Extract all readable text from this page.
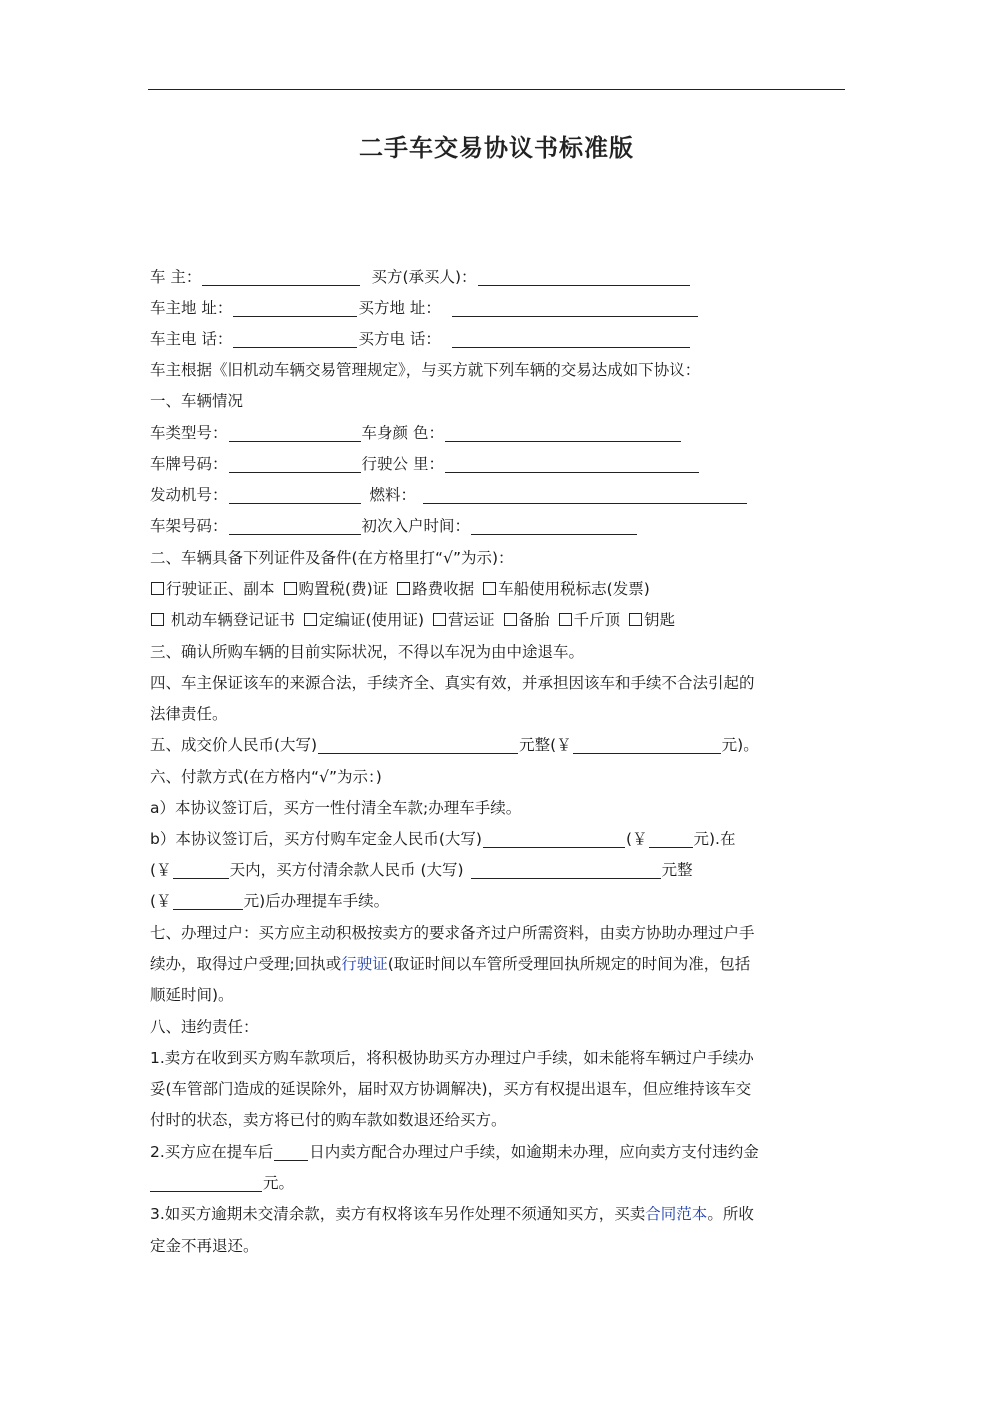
二手车交易协议书标准版
车 主：	买方(承买人)：
车主地 址：	买方地 址：
车主电 话：	买方电 话：
车主根据《旧机动车辆交易管理规定》，与买方就下列车辆的交易达成如下协议：
一、车辆情况
车类型号：	车身颜 色：
车牌号码：	行驶公 里：
发动机号：	燃料：
车架号码：	初次入户时间：
二、车辆具备下列证件及备件(在方格里打“√”为示)：
行驶证正、副本 购置税(费)证 路费收据 车船使用税标志(发票)
机动车辆登记证书 定编证(使用证) 营运证 备胎 千斤顶 钥匙
三、确认所购车辆的目前实际状况，不得以车况为由中途退车。
四、车主保证该车的来源合法，手续齐全、真实有效，并承担因该车和手续不合法引起的
法律责任。
五、成交价人民币(大写)	元整(￥	元)。
六、付款方式(在方格内“√”为示：)
a）本协议签订后，买方一性付清全车款;办理车手续。
b）本协议签订后，买方付购车定金人民币(大写)	(￥	元).在
(￥	天内，买方付清余款人民币 (大写)	元整
(￥	元)后办理提车手续。
七、办理过户：买方应主动积极按卖方的要求备齐过户所需资料，由卖方协助办理过户手
续办，取得过户受理;回执或行驶证(取证时间以车管所受理回执所规定的时间为准，包括
顺延时间)。
八、违约责任：
1.卖方在收到买方购车款项后，将积极协助买方办理过户手续，如未能将车辆过户手续办
妥(车管部门造成的延误除外，届时双方协调解决)，买方有权提出退车，但应维持该车交
付时的状态，卖方将已付的购车款如数退还给买方。
2.买方应在提车后 日内卖方配合办理过户手续，如逾期未办理，应向卖方支付违约金
元。
3.如买方逾期未交清余款，卖方有权将该车另作处理不须通知买方，买卖合同范本。所收
定金不再退还。
